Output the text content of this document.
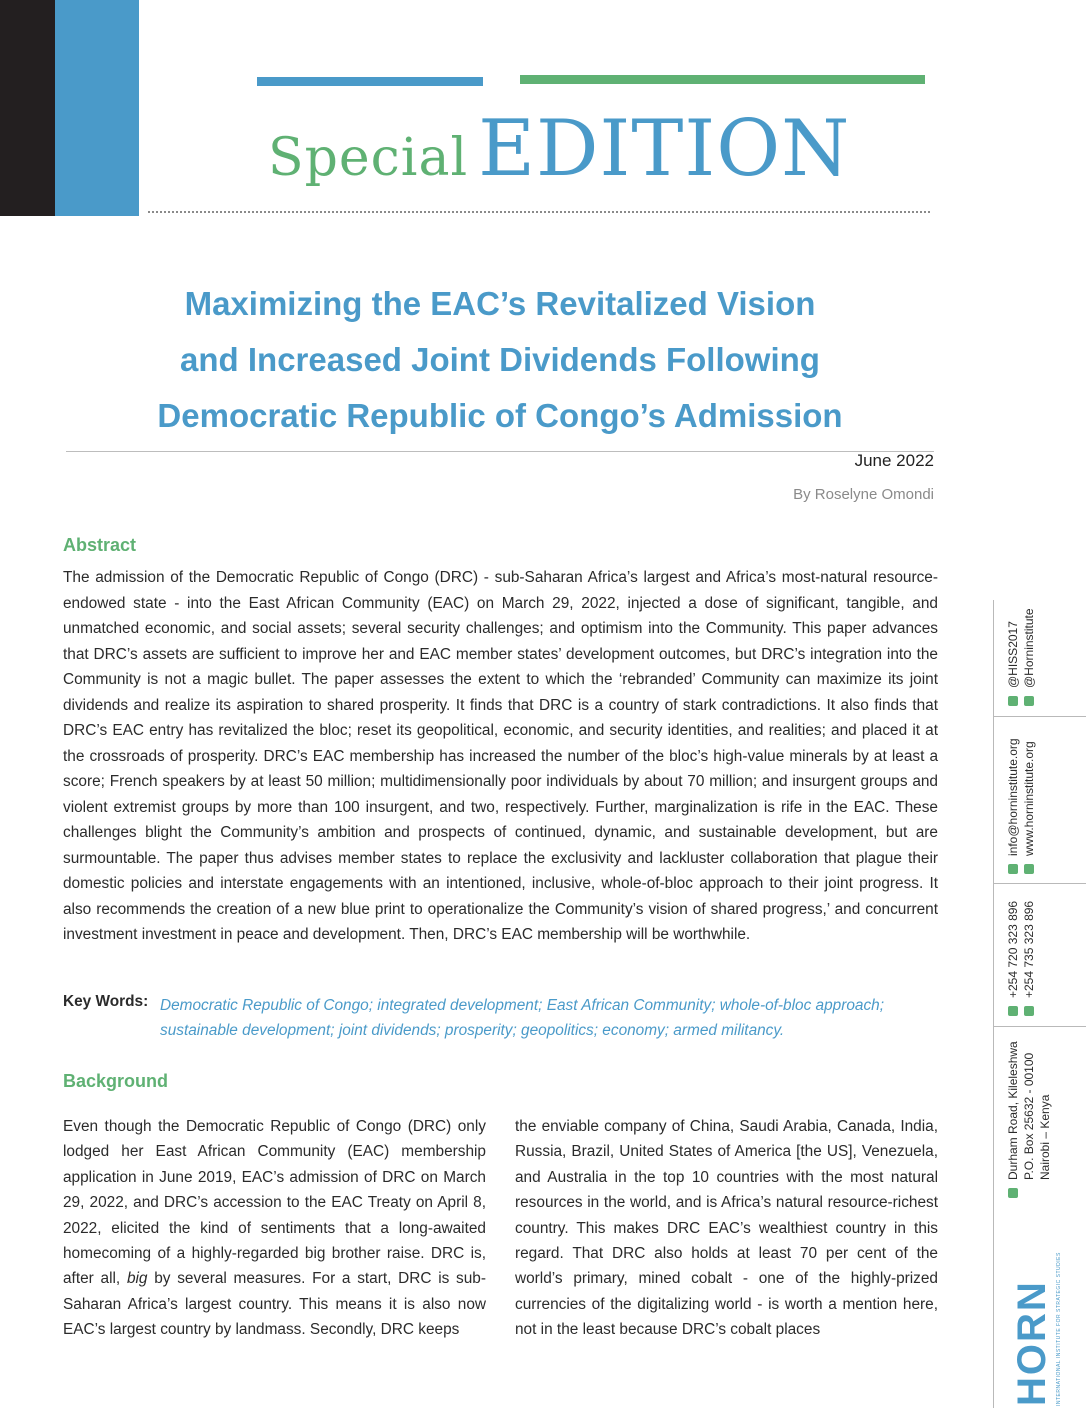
Special EDITION
Maximizing the EAC’s Revitalized Vision
and Increased Joint Dividends Following
Democratic Republic of Congo’s Admission
June 2022
By Roselyne Omondi
Abstract
The admission of the Democratic Republic of Congo (DRC) - sub-Saharan Africa’s largest and Africa’s most-natural resource-endowed state - into the East African Community (EAC) on March 29, 2022, injected a dose of significant, tangible, and unmatched economic, and social assets; several security challenges; and optimism into the Community. This paper advances that DRC’s assets are sufficient to improve her and EAC member states’ development outcomes, but DRC’s integration into the Community is not a magic bullet. The paper assesses the extent to which the ‘rebranded’ Community can maximize its joint dividends and realize its aspiration to shared prosperity. It finds that DRC is a country of stark contradictions. It also finds that DRC’s EAC entry has revitalized the bloc; reset its geopolitical, economic, and security identities, and realities; and placed it at the crossroads of prosperity. DRC’s EAC membership has increased the number of the bloc’s high-value minerals by at least a score; French speakers by at least 50 million; multidimensionally poor individuals by about 70 million; and insurgent groups and violent extremist groups by more than 100 insurgent, and two, respectively. Further, marginalization is rife in the EAC. These challenges blight the Community’s ambition and prospects of continued, dynamic, and sustainable development, but are surmountable. The paper thus advises member states to replace the exclusivity and lackluster collaboration that plague their domestic policies and interstate engagements with an intentioned, inclusive, whole-of-bloc approach to their joint progress. It also recommends the creation of a new blue print to operationalize the Community’s vision of shared progress,’ and concurrent investment investment in peace and development. Then, DRC’s EAC membership will be worthwhile.
Key Words: Democratic Republic of Congo; integrated development; East African Community; whole-of-bloc approach; sustainable development; joint dividends; prosperity; geopolitics; economy; armed militancy.
Background
Even though the Democratic Republic of Congo (DRC) only lodged her East African Community (EAC) membership application in June 2019, EAC’s admission of DRC on March 29, 2022, and DRC’s accession to the EAC Treaty on April 8, 2022, elicited the kind of sentiments that a long-awaited homecoming of a highly-regarded big brother raise. DRC is, after all, big by several measures. For a start, DRC is sub-Saharan Africa’s largest country. This means it is also now EAC’s largest country by landmass. Secondly, DRC keeps
the enviable company of China, Saudi Arabia, Canada, India, Russia, Brazil, United States of America [the US], Venezuela, and Australia in the top 10 countries with the most natural resources in the world, and is Africa’s natural resource-richest country. This makes DRC EAC’s wealthiest country in this regard. That DRC also holds at least 70 per cent of the world’s primary, mined cobalt - one of the highly-prized currencies of the digitalizing world - is worth a mention here, not in the least because DRC’s cobalt places
@HISS2017 @Horninstitute
info@horninstitute.org www.horninstitute.org
+254 720 323 896 +254 735 323 896
Durham Road, Kileleshwa P.O. Box 25632 - 00100 Nairobi – Kenya
HORN INTERNATIONAL INSTITUTE FOR STRATEGIC STUDIES
